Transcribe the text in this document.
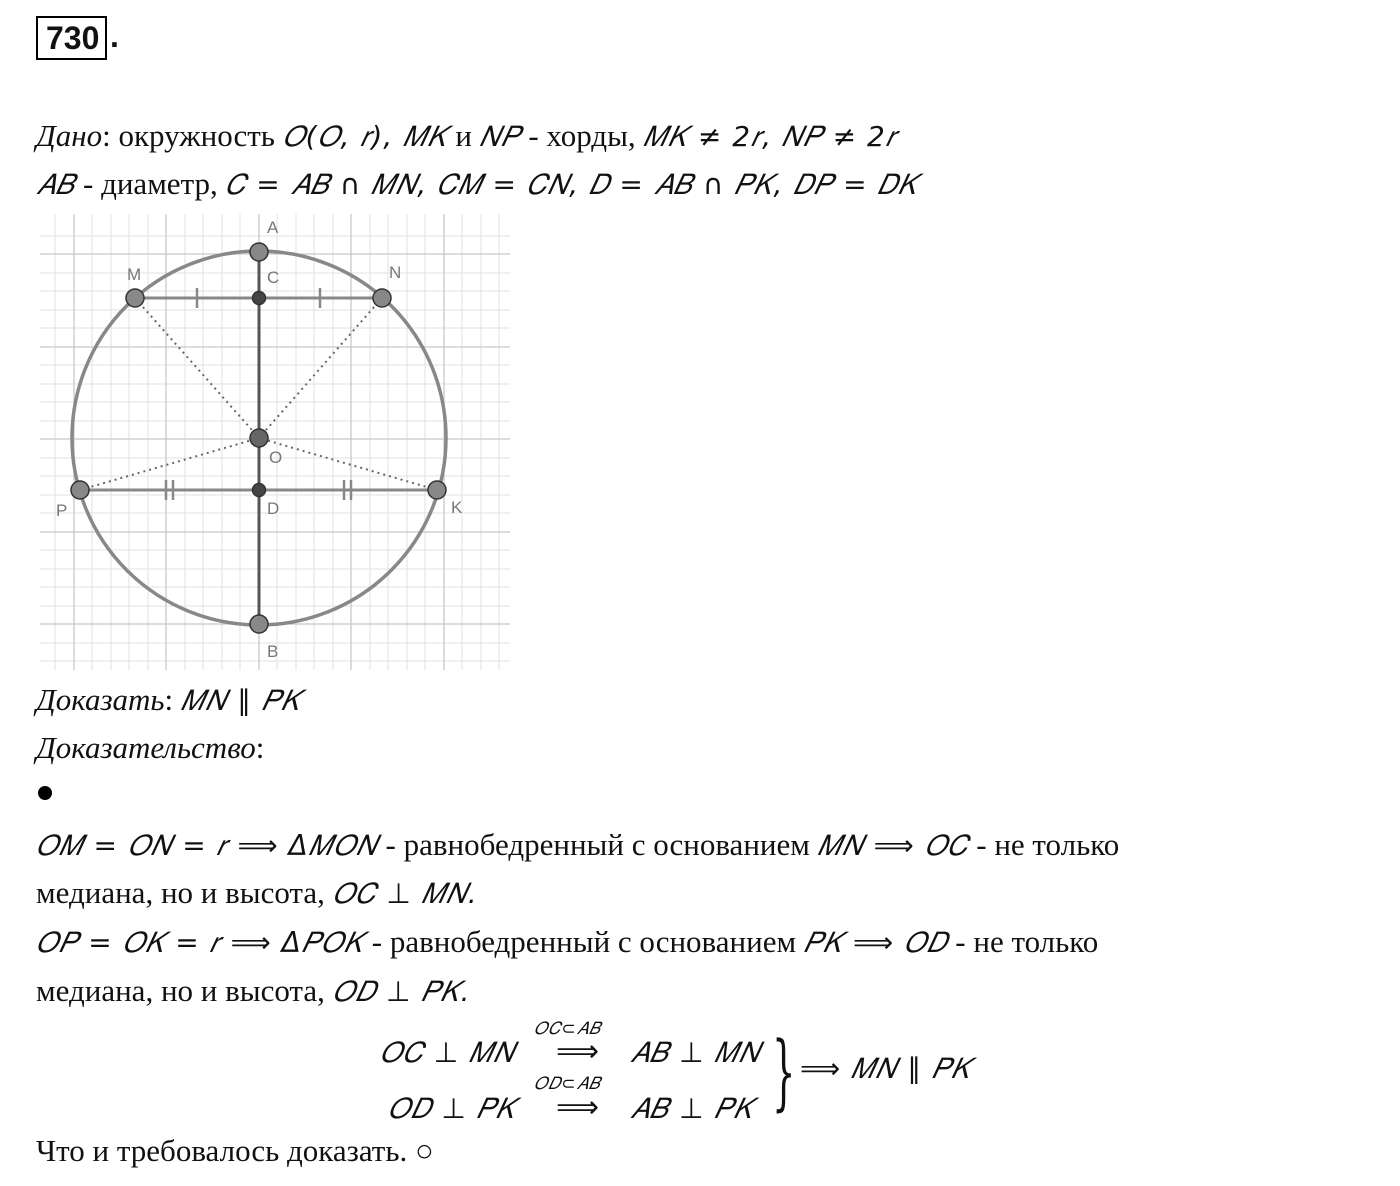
730 .
Дано: окружность 𝑂(𝑂, 𝑟), 𝑀𝐾 и 𝑁𝑃 - хорды, 𝑀𝐾 ≠ 2𝑟, 𝑁𝑃 ≠ 2𝑟
𝐴𝐵 - диаметр, 𝐶 = 𝐴𝐵 ∩ 𝑀𝑁, 𝐶𝑀 = 𝐶𝑁, 𝐷 = 𝐴𝐵 ∩ 𝑃𝐾, 𝐷𝑃 = 𝐷𝐾
A
C
M	N
O
P	D	K
B
Доказать: 𝑀𝑁 ∥ 𝑃𝐾
Доказательство:
𝑂𝑀 = 𝑂𝑁 = 𝑟 ⟹ Δ𝑀𝑂𝑁 - равнобедренный с основанием 𝑀𝑁 ⟹ 𝑂𝐶 - не только
медиана, но и высота, 𝑂𝐶 ⊥ 𝑀𝑁.
𝑂𝑃 = 𝑂𝐾 = 𝑟 ⟹ Δ𝑃𝑂𝐾 - равнобедренный с основанием 𝑃𝐾 ⟹ 𝑂𝐷 - не только
медиана, но и высота, 𝑂𝐷 ⊥ 𝑃𝐾.
𝑂𝐶 ⊥ 𝑀𝑁
𝑂𝐶⊂𝐴𝐵
⟹ 𝐴𝐵 ⊥ 𝑀𝑁
𝑂𝐷 ⊥ 𝑃𝐾
𝑂𝐷⊂𝐴𝐵
⟹ 𝐴𝐵 ⊥ 𝑃𝐾 } ⟹ 𝑀𝑁 ∥ 𝑃𝐾
Что и требовалось доказать. ○
